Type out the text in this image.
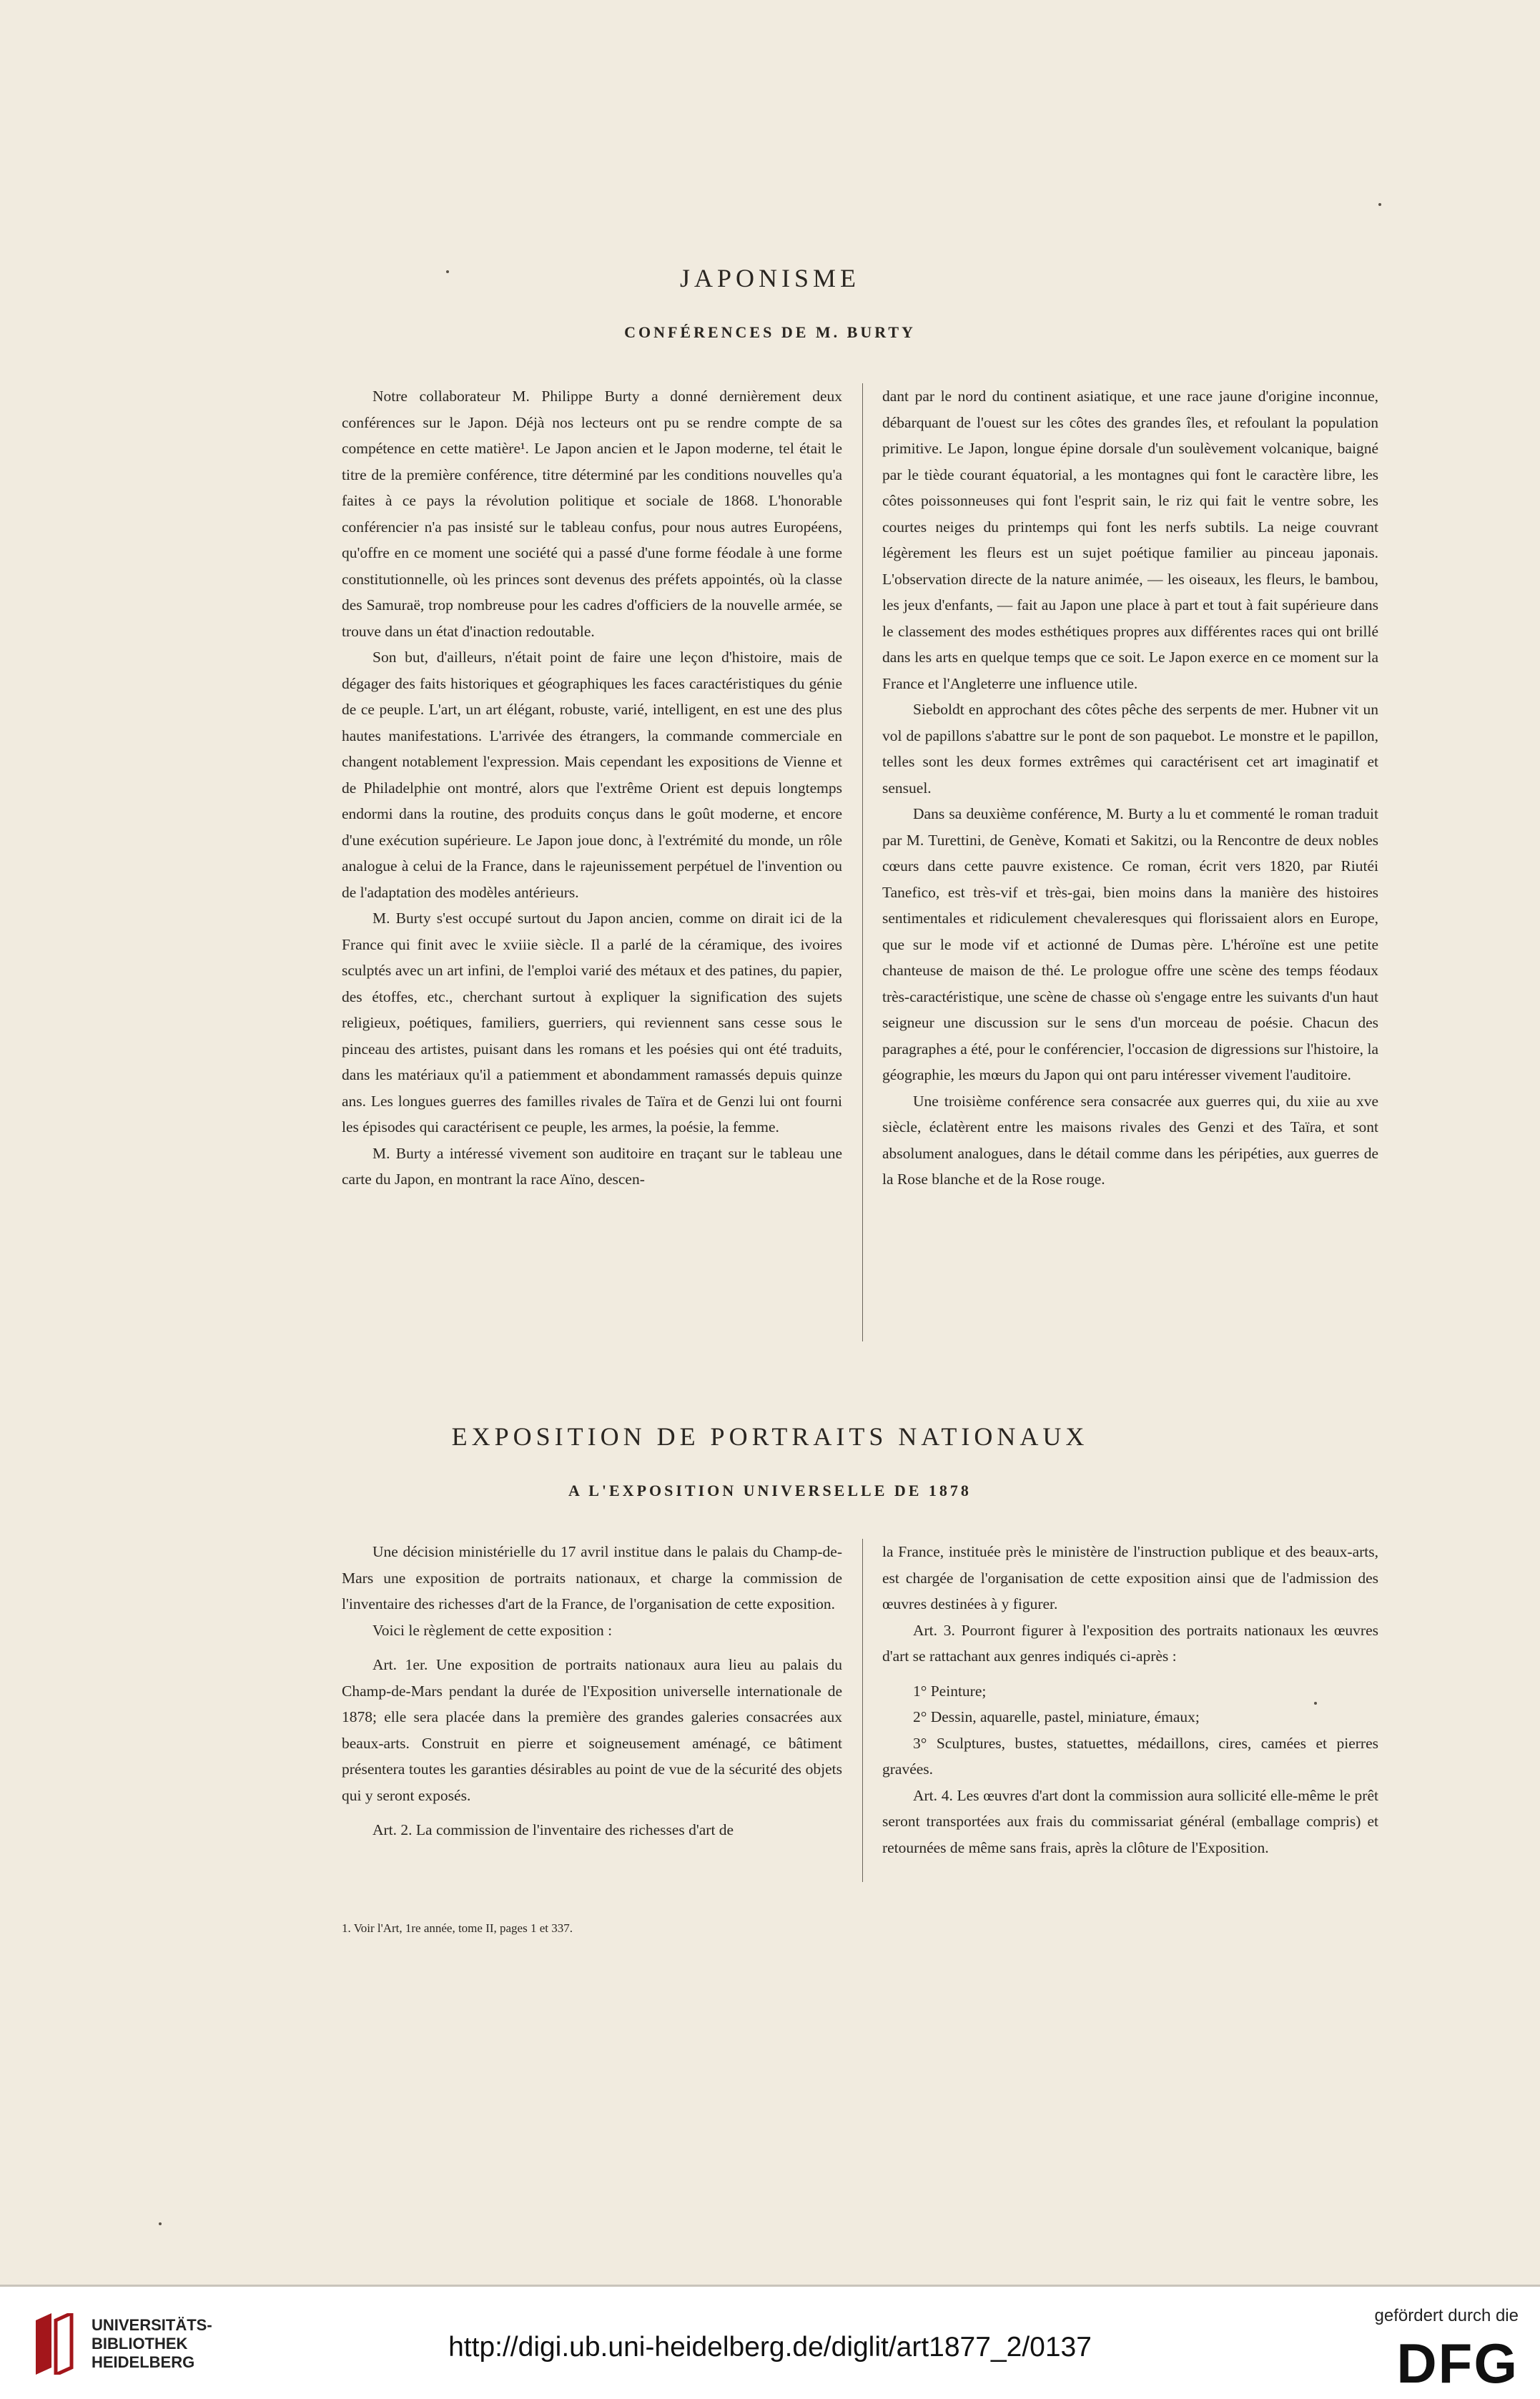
JAPONISME
CONFÉRENCES DE M. BURTY

Notre collaborateur M. Philippe Burty a donné dernièrement deux conférences sur le Japon. Déjà nos lecteurs ont pu se rendre compte de sa compétence en cette matière¹. Le Japon ancien et le Japon moderne, tel était le titre de la première conférence, titre déterminé par les conditions nouvelles qu'a faites à ce pays la révolution politique et sociale de 1868. L'honorable conférencier n'a pas insisté sur le tableau confus, pour nous autres Européens, qu'offre en ce moment une société qui a passé d'une forme féodale à une forme constitutionnelle, où les princes sont devenus des préfets appointés, où la classe des Samuraë, trop nombreuse pour les cadres d'officiers de la nouvelle armée, se trouve dans un état d'inaction redoutable.

Son but, d'ailleurs, n'était point de faire une leçon d'histoire, mais de dégager des faits historiques et géographiques les faces caractéristiques du génie de ce peuple. L'art, un art élégant, robuste, varié, intelligent, en est une des plus hautes manifestations. L'arrivée des étrangers, la commande commerciale en changent notablement l'expression. Mais cependant les expositions de Vienne et de Philadelphie ont montré, alors que l'extrême Orient est depuis longtemps endormi dans la routine, des produits conçus dans le goût moderne, et encore d'une exécution supérieure. Le Japon joue donc, à l'extrémité du monde, un rôle analogue à celui de la France, dans le rajeunissement perpétuel de l'invention ou de l'adaptation des modèles antérieurs.

M. Burty s'est occupé surtout du Japon ancien, comme on dirait ici de la France qui finit avec le xviiie siècle. Il a parlé de la céramique, des ivoires sculptés avec un art infini, de l'emploi varié des métaux et des patines, du papier, des étoffes, etc., cherchant surtout à expliquer la signification des sujets religieux, poétiques, familiers, guerriers, qui reviennent sans cesse sous le pinceau des artistes, puisant dans les romans et les poésies qui ont été traduits, dans les matériaux qu'il a patiemment et abondamment ramassés depuis quinze ans. Les longues guerres des familles rivales de Taïra et de Genzi lui ont fourni les épisodes qui caractérisent ce peuple, les armes, la poésie, la femme.

M. Burty a intéressé vivement son auditoire en traçant sur le tableau une carte du Japon, en montrant la race Aïno, descen-

dant par le nord du continent asiatique, et une race jaune d'origine inconnue, débarquant de l'ouest sur les côtes des grandes îles, et refoulant la population primitive. Le Japon, longue épine dorsale d'un soulèvement volcanique, baigné par le tiède courant équatorial, a les montagnes qui font le caractère libre, les côtes poissonneuses qui font l'esprit sain, le riz qui fait le ventre sobre, les courtes neiges du printemps qui font les nerfs subtils. La neige couvrant légèrement les fleurs est un sujet poétique familier au pinceau japonais. L'observation directe de la nature animée, — les oiseaux, les fleurs, le bambou, les jeux d'enfants, — fait au Japon une place à part et tout à fait supérieure dans le classement des modes esthétiques propres aux différentes races qui ont brillé dans les arts en quelque temps que ce soit. Le Japon exerce en ce moment sur la France et l'Angleterre une influence utile.

Sieboldt en approchant des côtes pêche des serpents de mer. Hubner vit un vol de papillons s'abattre sur le pont de son paquebot. Le monstre et le papillon, telles sont les deux formes extrêmes qui caractérisent cet art imaginatif et sensuel.

Dans sa deuxième conférence, M. Burty a lu et commenté le roman traduit par M. Turettini, de Genève, Komati et Sakitzi, ou la Rencontre de deux nobles cœurs dans cette pauvre existence. Ce roman, écrit vers 1820, par Riutéi Tanefico, est très-vif et très-gai, bien moins dans la manière des histoires sentimentales et ridiculement chevaleresques qui florissaient alors en Europe, que sur le mode vif et actionné de Dumas père. L'héroïne est une petite chanteuse de maison de thé. Le prologue offre une scène des temps féodaux très-caractéristique, une scène de chasse où s'engage entre les suivants d'un haut seigneur une discussion sur le sens d'un morceau de poésie. Chacun des paragraphes a été, pour le conférencier, l'occasion de digressions sur l'histoire, la géographie, les mœurs du Japon qui ont paru intéresser vivement l'auditoire.

Une troisième conférence sera consacrée aux guerres qui, du xiie au xve siècle, éclatèrent entre les maisons rivales des Genzi et des Taïra, et sont absolument analogues, dans le détail comme dans les péripéties, aux guerres de la Rose blanche et de la Rose rouge.

EXPOSITION DE PORTRAITS NATIONAUX
A L'EXPOSITION UNIVERSELLE DE 1878

Une décision ministérielle du 17 avril institue dans le palais du Champ-de-Mars une exposition de portraits nationaux, et charge la commission de l'inventaire des richesses d'art de la France, de l'organisation de cette exposition.

Voici le règlement de cette exposition :

Art. 1er. Une exposition de portraits nationaux aura lieu au palais du Champ-de-Mars pendant la durée de l'Exposition universelle internationale de 1878; elle sera placée dans la première des grandes galeries consacrées aux beaux-arts. Construit en pierre et soigneusement aménagé, ce bâtiment présentera toutes les garanties désirables au point de vue de la sécurité des objets qui y seront exposés.

Art. 2. La commission de l'inventaire des richesses d'art de

la France, instituée près le ministère de l'instruction publique et des beaux-arts, est chargée de l'organisation de cette exposition ainsi que de l'admission des œuvres destinées à y figurer.

Art. 3. Pourront figurer à l'exposition des portraits nationaux les œuvres d'art se rattachant aux genres indiqués ci-après :

1° Peinture;

2° Dessin, aquarelle, pastel, miniature, émaux;

3° Sculptures, bustes, statuettes, médaillons, cires, camées et pierres gravées.

Art. 4. Les œuvres d'art dont la commission aura sollicité elle-même le prêt seront transportées aux frais du commissariat général (emballage compris) et retournées de même sans frais, après la clôture de l'Exposition.

1. Voir l'Art, 1re année, tome II, pages 1 et 337.
UNIVERSITÄTS-
BIBLIOTHEK
HEIDELBERG	http://digi.ub.uni-heidelberg.de/diglit/art1877_2/0137
gefördert durch die
DFG
